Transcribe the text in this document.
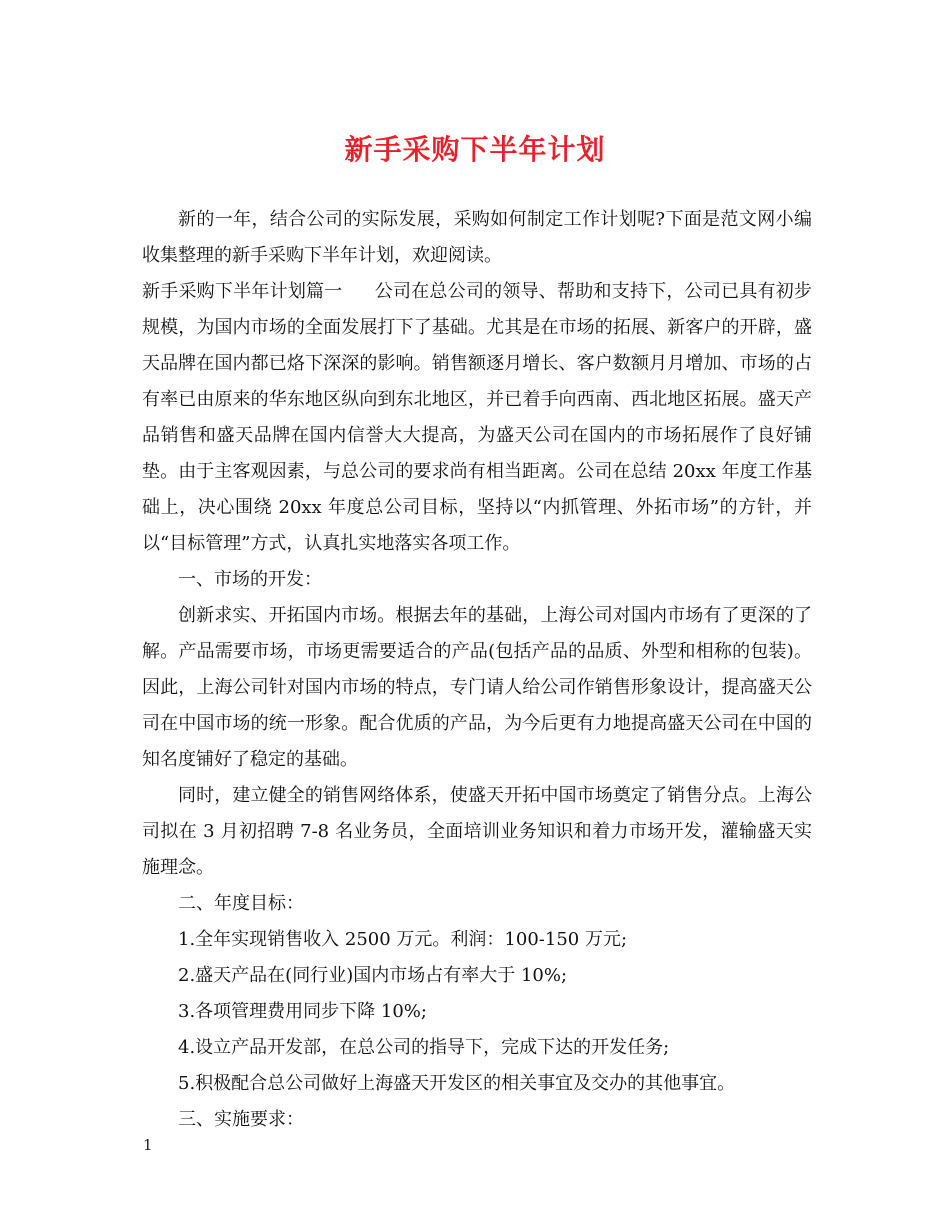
新手采购下半年计划

新的一年，结合公司的实际发展，采购如何制定工作计划呢?下面是范文网小编收集整理的新手采购下半年计划，欢迎阅读。

新手采购下半年计划篇一 公司在总公司的领导、帮助和支持下，公司已具有初步规模，为国内市场的全面发展打下了基础。尤其是在市场的拓展、新客户的开辟，盛天品牌在国内都已烙下深深的影响。销售额逐月增长、客户数额月月增加、市场的占有率已由原来的华东地区纵向到东北地区，并已着手向西南、西北地区拓展。盛天产品销售和盛天品牌在国内信誉大大提高，为盛天公司在国内的市场拓展作了良好铺垫。由于主客观因素，与总公司的要求尚有相当距离。公司在总结 20xx 年度工作基础上，决心围绕 20xx 年度总公司目标，坚持以“内抓管理、外拓市场”的方针，并以“目标管理”方式，认真扎实地落实各项工作。

一、市场的开发：

创新求实、开拓国内市场。根据去年的基础，上海公司对国内市场有了更深的了解。产品需要市场，市场更需要适合的产品(包括产品的品质、外型和相称的包装)。因此，上海公司针对国内市场的特点，专门请人给公司作销售形象设计，提高盛天公司在中国市场的统一形象。配合优质的产品，为今后更有力地提高盛天公司在中国的知名度铺好了稳定的基础。

同时，建立健全的销售网络体系，使盛天开拓中国市场奠定了销售分点。上海公司拟在 3 月初招聘 7-8 名业务员，全面培训业务知识和着力市场开发，灌输盛天实施理念。

二、年度目标：

1.全年实现销售收入 2500 万元。利润：100-150 万元;

2.盛天产品在(同行业)国内市场占有率大于 10%;

3.各项管理费用同步下降 10%;

4.设立产品开发部，在总公司的指导下，完成下达的开发任务;

5.积极配合总公司做好上海盛天开发区的相关事宜及交办的其他事宜。

三、实施要求：

1
